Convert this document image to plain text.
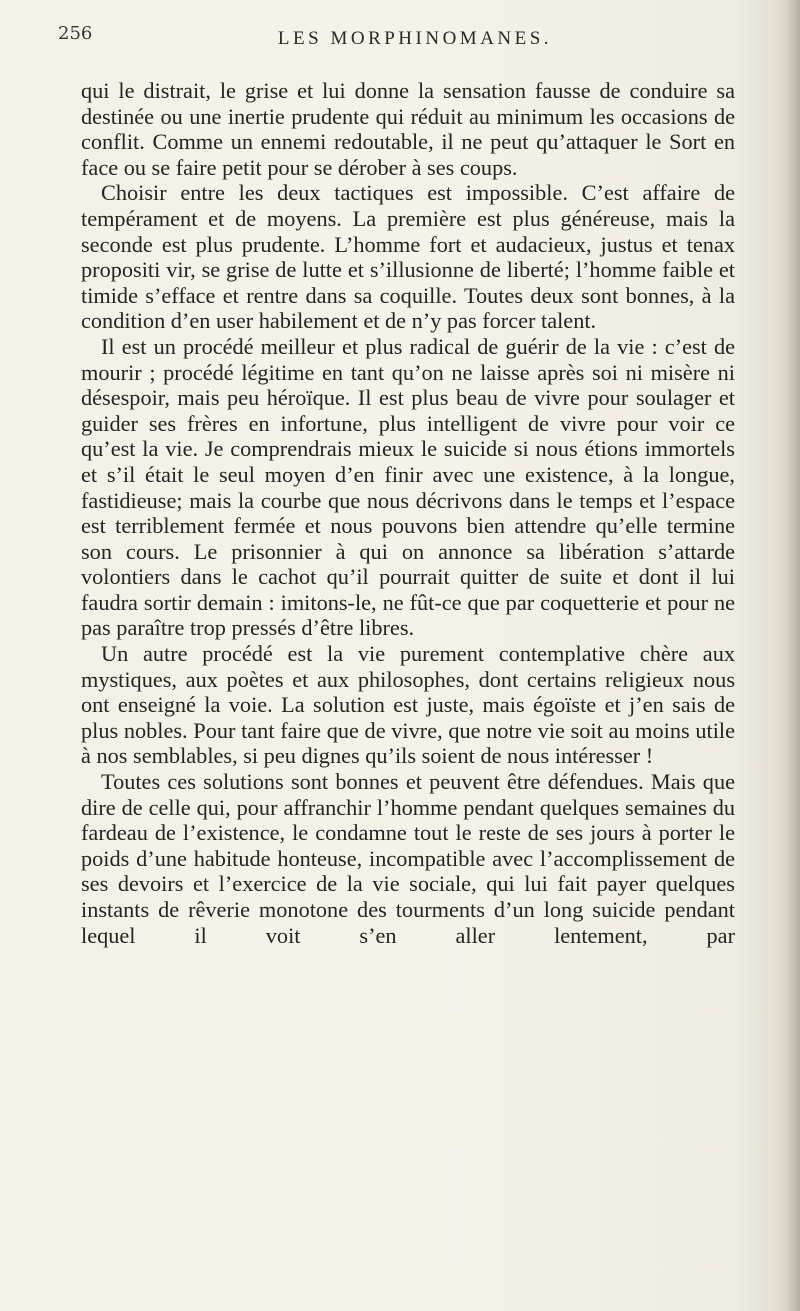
256	LES MORPHINOMANES.

qui le distrait, le grise et lui donne la sensation fausse de conduire sa destinée ou une inertie prudente qui réduit au minimum les occasions de conflit. Comme un ennemi redoutable, il ne peut qu’attaquer le Sort en face ou se faire petit pour se dérober à ses coups.

Choisir entre les deux tactiques est impossible. C’est affaire de tempérament et de moyens. La première est plus généreuse, mais la seconde est plus prudente. L’homme fort et audacieux, justus et tenax propositi vir, se grise de lutte et s’illusionne de liberté; l’homme faible et timide s’efface et rentre dans sa coquille. Toutes deux sont bonnes, à la condition d’en user habilement et de n’y pas forcer talent.

Il est un procédé meilleur et plus radical de guérir de la vie : c’est de mourir ; procédé légitime en tant qu’on ne laisse après soi ni misère ni désespoir, mais peu héroïque. Il est plus beau de vivre pour soulager et guider ses frères en infortune, plus intelligent de vivre pour voir ce qu’est la vie. Je comprendrais mieux le suicide si nous étions immortels et s’il était le seul moyen d’en finir avec une existence, à la longue, fastidieuse; mais la courbe que nous décrivons dans le temps et l’espace est terriblement fermée et nous pouvons bien attendre qu’elle termine son cours. Le prisonnier à qui on annonce sa libération s’attarde volontiers dans le cachot qu’il pourrait quitter de suite et dont il lui faudra sortir demain : imitons-le, ne fût-ce que par coquetterie et pour ne pas paraître trop pressés d’être libres.

Un autre procédé est la vie purement contemplative chère aux mystiques, aux poètes et aux philosophes, dont certains religieux nous ont enseigné la voie. La solution est juste, mais égoïste et j’en sais de plus nobles. Pour tant faire que de vivre, que notre vie soit au moins utile à nos semblables, si peu dignes qu’ils soient de nous intéresser !

Toutes ces solutions sont bonnes et peuvent être défendues. Mais que dire de celle qui, pour affranchir l’homme pendant quelques semaines du fardeau de l’existence, le condamne tout le reste de ses jours à porter le poids d’une habitude honteuse, incompatible avec l’accomplissement de ses devoirs et l’exercice de la vie sociale, qui lui fait payer quelques instants de rêverie monotone des tourments d’un long suicide pendant lequel il voit s’en aller lentement, par
